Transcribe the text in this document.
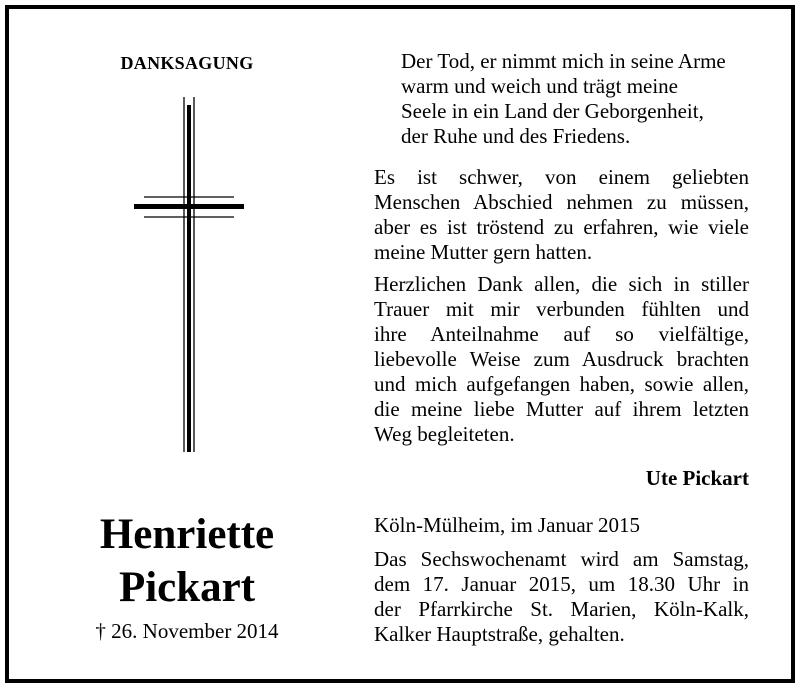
DANKSAGUNG
Henriette
Pickart
† 26. November 2014
Der Tod, er nimmt mich in seine Arme
warm und weich und trägt meine
Seele in ein Land der Geborgenheit,
der Ruhe und des Friedens.
Es ist schwer, von einem geliebten
Menschen Abschied nehmen zu müssen,
aber es ist tröstend zu erfahren, wie viele
meine Mutter gern hatten.
Herzlichen Dank allen, die sich in stiller
Trauer mit mir verbunden fühlten und
ihre Anteilnahme auf so vielfältige,
liebevolle Weise zum Ausdruck brachten
und mich aufgefangen haben, sowie allen,
die meine liebe Mutter auf ihrem letzten
Weg begleiteten.
Ute Pickart
Köln-Mülheim, im Januar 2015
Das Sechswochenamt wird am Samstag,
dem 17. Januar 2015, um 18.30 Uhr in
der Pfarrkirche St. Marien, Köln-Kalk,
Kalker Hauptstraße, gehalten.
